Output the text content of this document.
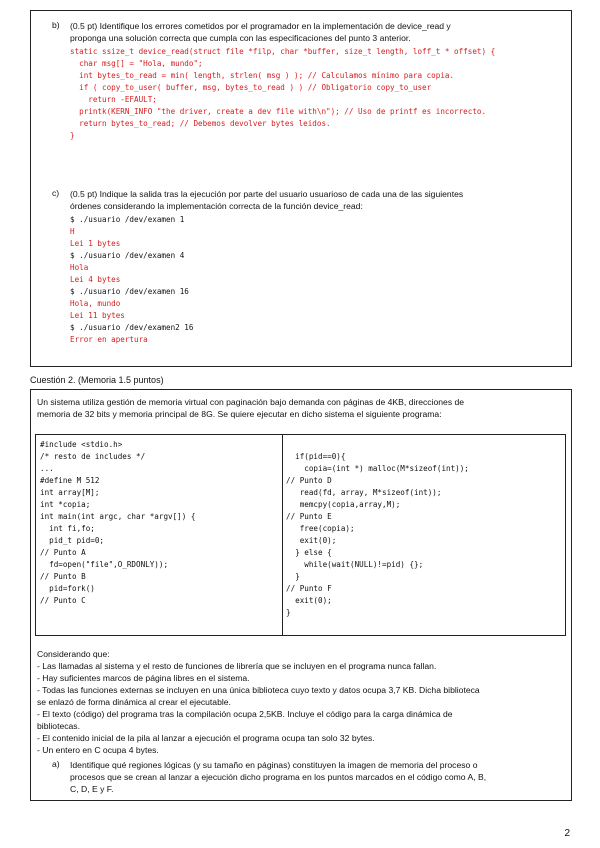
b) (0.5 pt) Identifique los errores cometidos por el programador en la implementación de device_read y
proponga una solución correcta que cumpla con las especificaciones del punto 3 anterior.
static ssize_t device_read(struct file *filp, char *buffer, size_t length, loff_t * offset) {
char msg[] = "Hola, mundo";
int bytes_to_read = min( length, strlen( msg ) ); // Calculamos mínimo para copia.
if ( copy_to_user( buffer, msg, bytes_to_read ) ) // Obligatorio copy_to_user
return -EFAULT;
printk(KERN_INFO "the driver, create a dev file with\n"); // Uso de printf es incorrecto.
return bytes_to_read; // Debemos devolver bytes leidos.
}
c) (0.5 pt) Indique la salida tras la ejecución por parte del usuario usuarioso de cada una de las siguientes
órdenes considerando la implementación correcta de la función device_read:
$ ./usuario /dev/examen 1
H
Lei 1 bytes
$ ./usuario /dev/examen 4
Hola
Lei 4 bytes
$ ./usuario /dev/examen 16
Hola, mundo
Lei 11 bytes
$ ./usuario /dev/examen2 16
Error en apertura
Cuestión 2. (Memoria 1.5 puntos)
Un sistema utiliza gestión de memoria virtual con paginación bajo demanda con páginas de 4KB, direcciones de
memoria de 32 bits y memoria principal de 8G. Se quiere ejecutar en dicho sistema el siguiente programa:
#include <stdio.h>
/* resto de includes */
...
#define M 512
int array[M];
int *copia;
int main(int argc, char *argv[]) {
int fi,fo;
pid_t pid=0;
// Punto A
fd=open("file",O_RDONLY));
// Punto B
pid=fork()
// Punto C
if(pid==0){
copia=(int *) malloc(M*sizeof(int));
// Punto D
read(fd, array, M*sizeof(int));
memcpy(copia,array,M);
// Punto E
free(copia);
exit(0);
} else {
while(wait(NULL)!=pid) {};
}
// Punto F
exit(0);
}
Considerando que:
- Las llamadas al sistema y el resto de funciones de librería que se incluyen en el programa nunca fallan.
- Hay suficientes marcos de página libres en el sistema.
- Todas las funciones externas se incluyen en una única biblioteca cuyo texto y datos ocupa 3,7 KB. Dicha biblioteca
se enlazó de forma dinámica al crear el ejecutable.
- El texto (código) del programa tras la compilación ocupa 2,5KB. Incluye el código para la carga dinámica de
bibliotecas.
- El contenido inicial de la pila al lanzar a ejecución el programa ocupa tan solo 32 bytes.
- Un entero en C ocupa 4 bytes.
a) Identifique qué regiones lógicas (y su tamaño en páginas) constituyen la imagen de memoria del proceso o
procesos que se crean al lanzar a ejecución dicho programa en los puntos marcados en el código como A, B,
C, D, E y F.
2
